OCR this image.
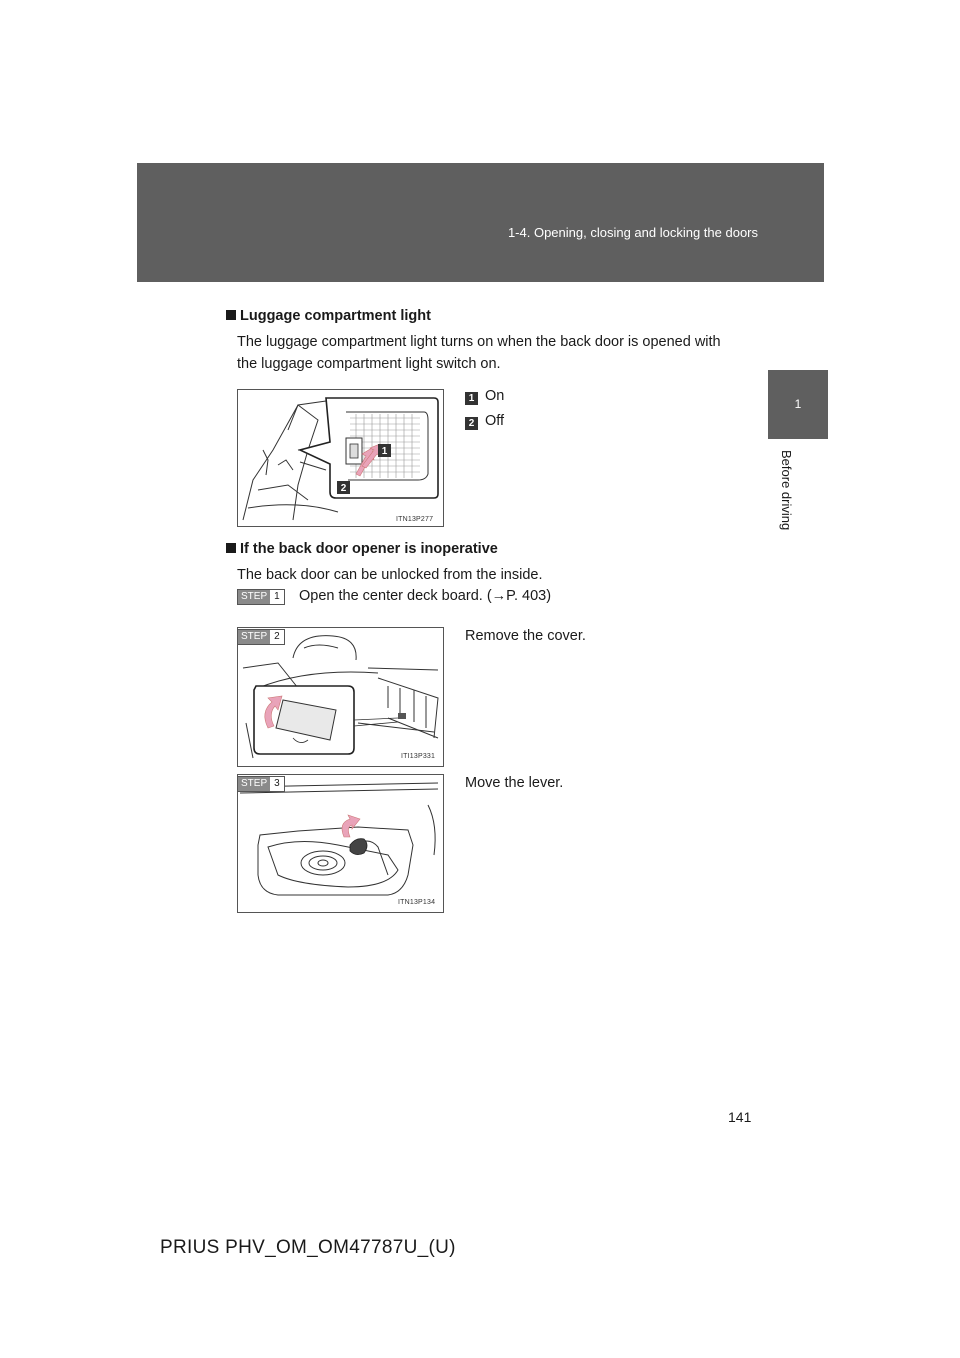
1-4. Opening, closing and locking the doors
1
Before driving
Luggage compartment light
The luggage compartment light turns on when the back door is opened with
the luggage compartment light switch on.
1
2
ITN13P277
1 On
2 Off
If the back door opener is inoperative
The back door can be unlocked from the inside.
STEP 1 Open the center deck board. (→P. 403)
STEP 2
ITI13P331
Remove the cover.
STEP 3
ITN13P134
Move the lever.
141
PRIUS PHV_OM_OM47787U_(U)
